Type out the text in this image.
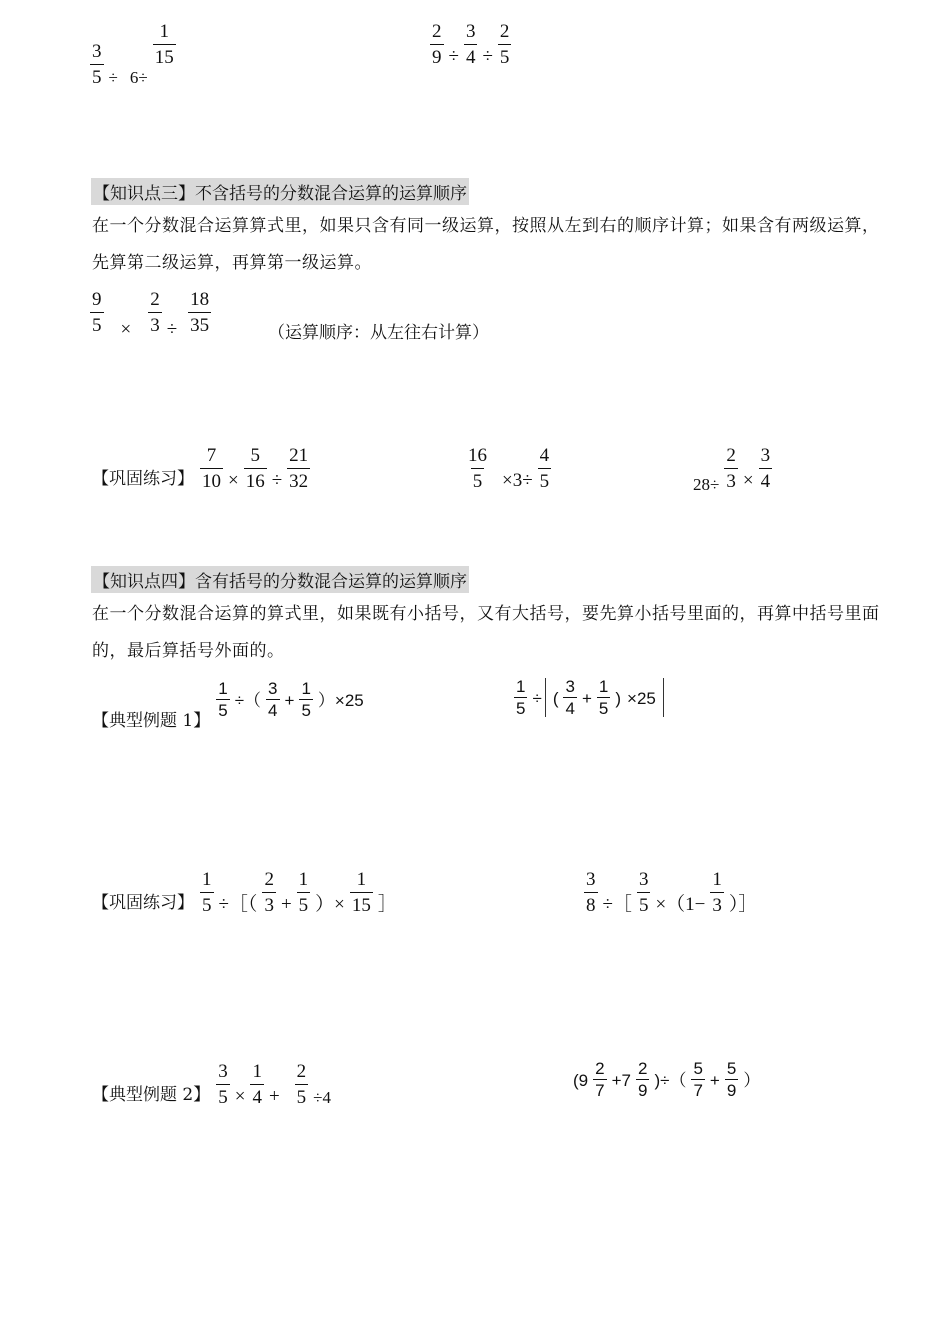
$\frac{3}{5} \div 6\div$
$\frac{1}{15}$	$\frac{2}{9} \div \frac{3}{4} \div \frac{2}{5}$
【知识点三】不含括号的分数混合运算的运算顺序
在一个分数混合运算算式里，如果只含有同一级运算，按照从左到右的顺序计算；如果含有两级运算，先算第二级运算，再算第一级运算。
$\frac{9}{5} \times \frac{2}{3} \div \frac{18}{35}$	（运算顺序：从左往右计算）
【巩固练习】 $\frac{7}{10} \times \frac{5}{16} \div \frac{21}{32}$	$\frac{16}{5} \times 3\div \frac{4}{5}$	$28\div \frac{2}{3} \times \frac{3}{4}$
【知识点四】含有括号的分数混合运算的运算顺序
在一个分数混合运算的算式里，如果既有小括号，又有大括号，要先算小括号里面的，再算中括号里面的，最后算括号外面的。
【典型例题 1】
$\frac{1}{5}$ ÷（ $\frac{3}{4} + \frac{1}{5} )\times 25$	$\frac{1}{5}$ ÷ ( $\frac{3}{4} + \frac{1}{5}$ ) ×25
【巩固练习】 $\frac{1}{5}$ ÷［（ $\frac{2}{3} + \frac{1}{5}$ ）× $\frac{1}{15}$ ］	$\frac{3}{8}$ ÷［ $\frac{3}{5} \times(1- \frac{1}{3}$ ）］
【典型例题 2】 $\frac{3}{5} \times \frac{1}{4} + \frac{2}{5} \div 4$
($9 \frac{2}{7} +7 \frac{2}{9}$ )÷（ $\frac{5}{7} + \frac{5}{9}$ ）
